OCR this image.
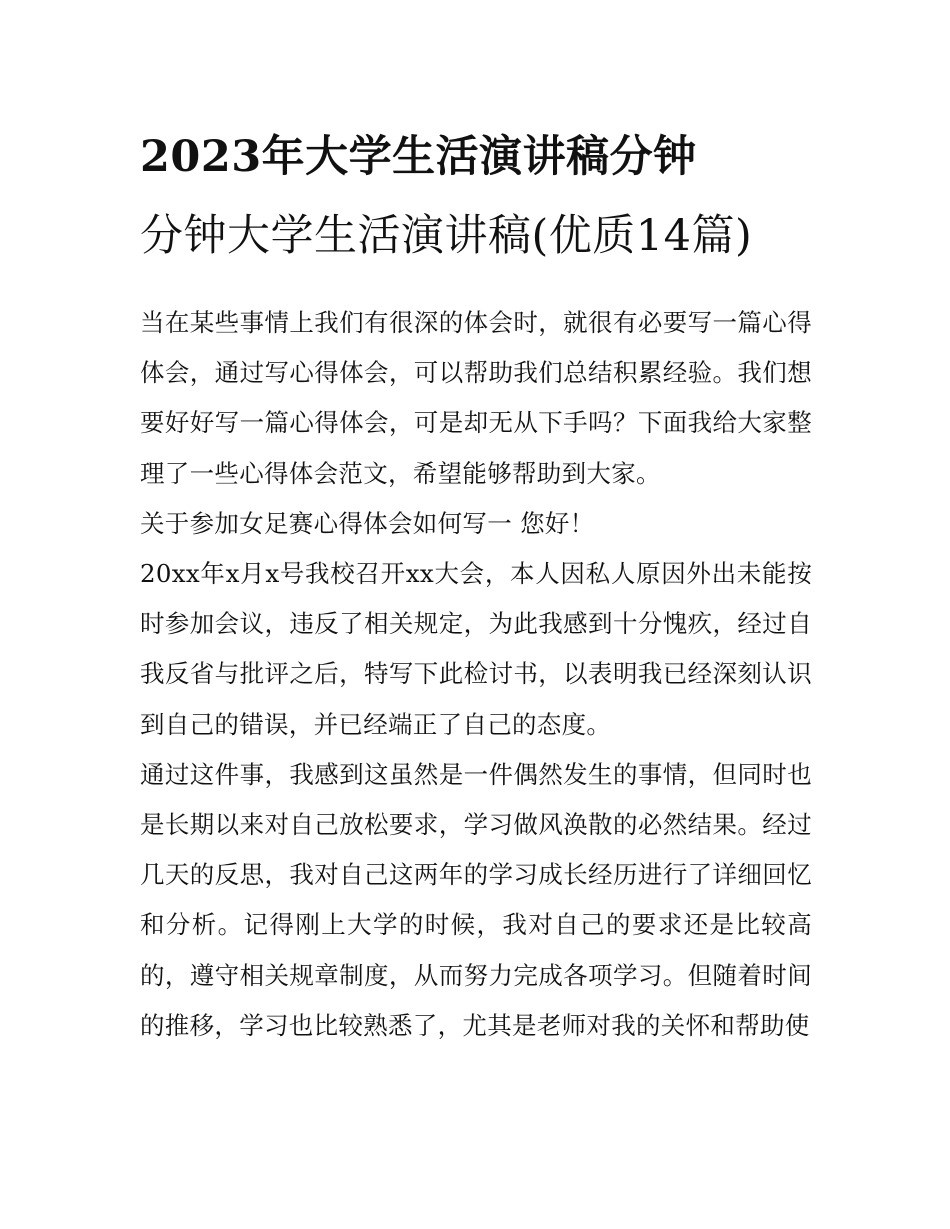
2023年大学生活演讲稿分钟
分钟大学生活演讲稿(优质14篇)

当在某些事情上我们有很深的体会时，就很有必要写一篇心得体会，通过写心得体会，可以帮助我们总结积累经验。我们想要好好写一篇心得体会，可是却无从下手吗？下面我给大家整理了一些心得体会范文，希望能够帮助到大家。

关于参加女足赛心得体会如何写一 您好！

20xx年x月x号我校召开xx大会，本人因私人原因外出未能按时参加会议，违反了相关规定，为此我感到十分愧疚，经过自我反省与批评之后，特写下此检讨书，以表明我已经深刻认识到自己的错误，并已经端正了自己的态度。

通过这件事，我感到这虽然是一件偶然发生的事情，但同时也是长期以来对自己放松要求，学习做风涣散的必然结果。经过几天的反思，我对自己这两年的学习成长经历进行了详细回忆和分析。记得刚上大学的时候，我对自己的要求还是比较高的，遵守相关规章制度，从而努力完成各项学习。但随着时间的推移，学习也比较熟悉了，尤其是老师对我的关怀和帮助使
